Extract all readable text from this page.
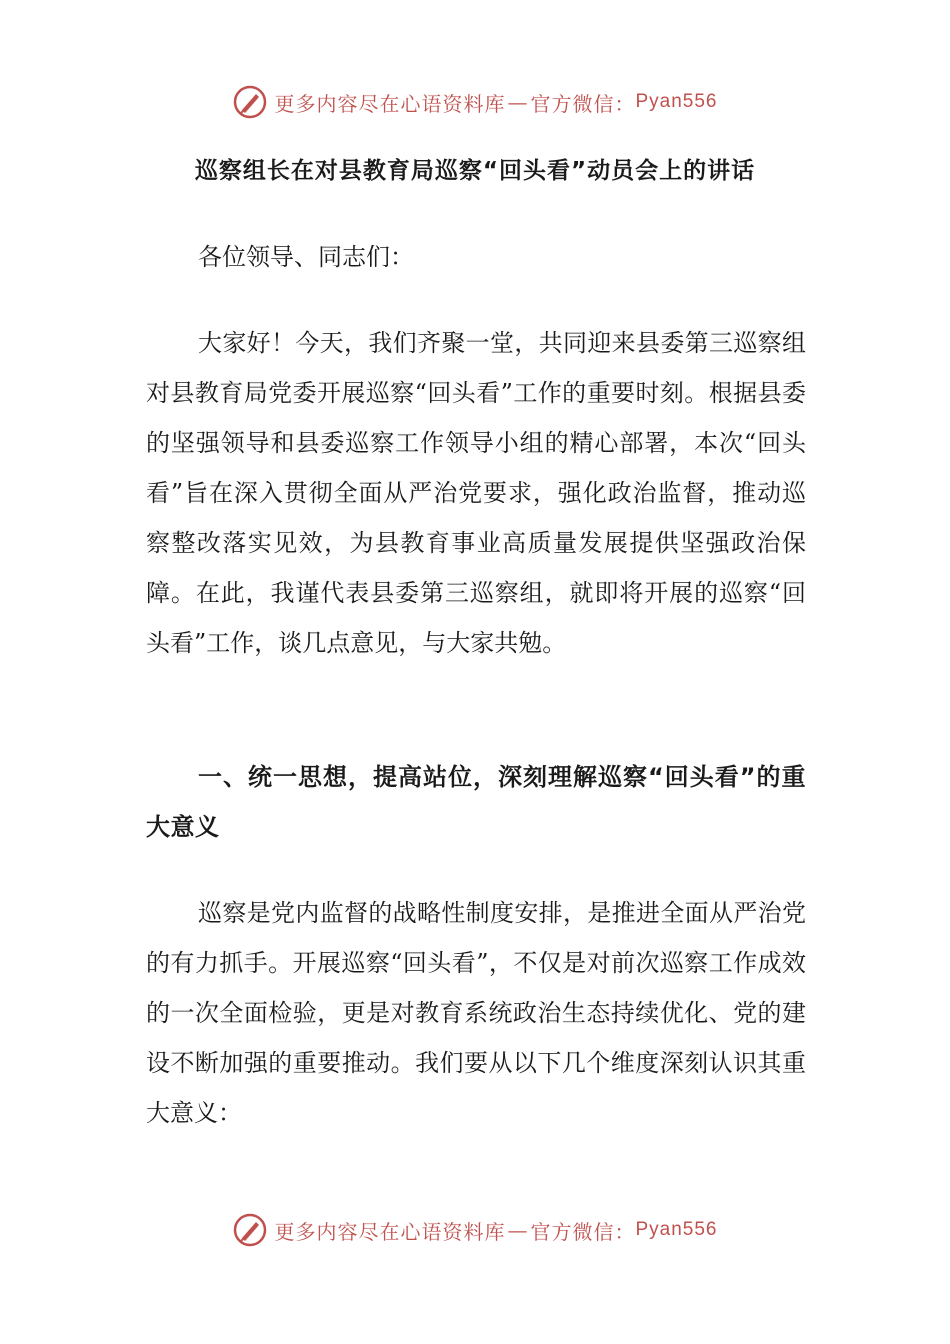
更多内容尽在心语资料库 — 官方微信： Pyan556
巡察组长在对县教育局巡察“回头看”动员会上的讲话
各位领导、同志们：

大家好！今天，我们齐聚一堂，共同迎来县委第三巡察组对县教育局党委开展巡察“回头看”工作的重要时刻。根据县委的坚强领导和县委巡察工作领导小组的精心部署，本次“回头看”旨在深入贯彻全面从严治党要求，强化政治监督，推动巡察整改落实见效，为县教育事业高质量发展提供坚强政治保障。在此，我谨代表县委第三巡察组，就即将开展的巡察“回头看”工作，谈几点意见，与大家共勉。

一、统一思想，提高站位，深刻理解巡察“回头看”的重大意义

巡察是党内监督的战略性制度安排，是推进全面从严治党的有力抓手。开展巡察“回头看”，不仅是对前次巡察工作成效的一次全面检验，更是对教育系统政治生态持续优化、党的建设不断加强的重要推动。我们要从以下几个维度深刻认识其重大意义：

更多内容尽在心语资料库 — 官方微信： Pyan556
